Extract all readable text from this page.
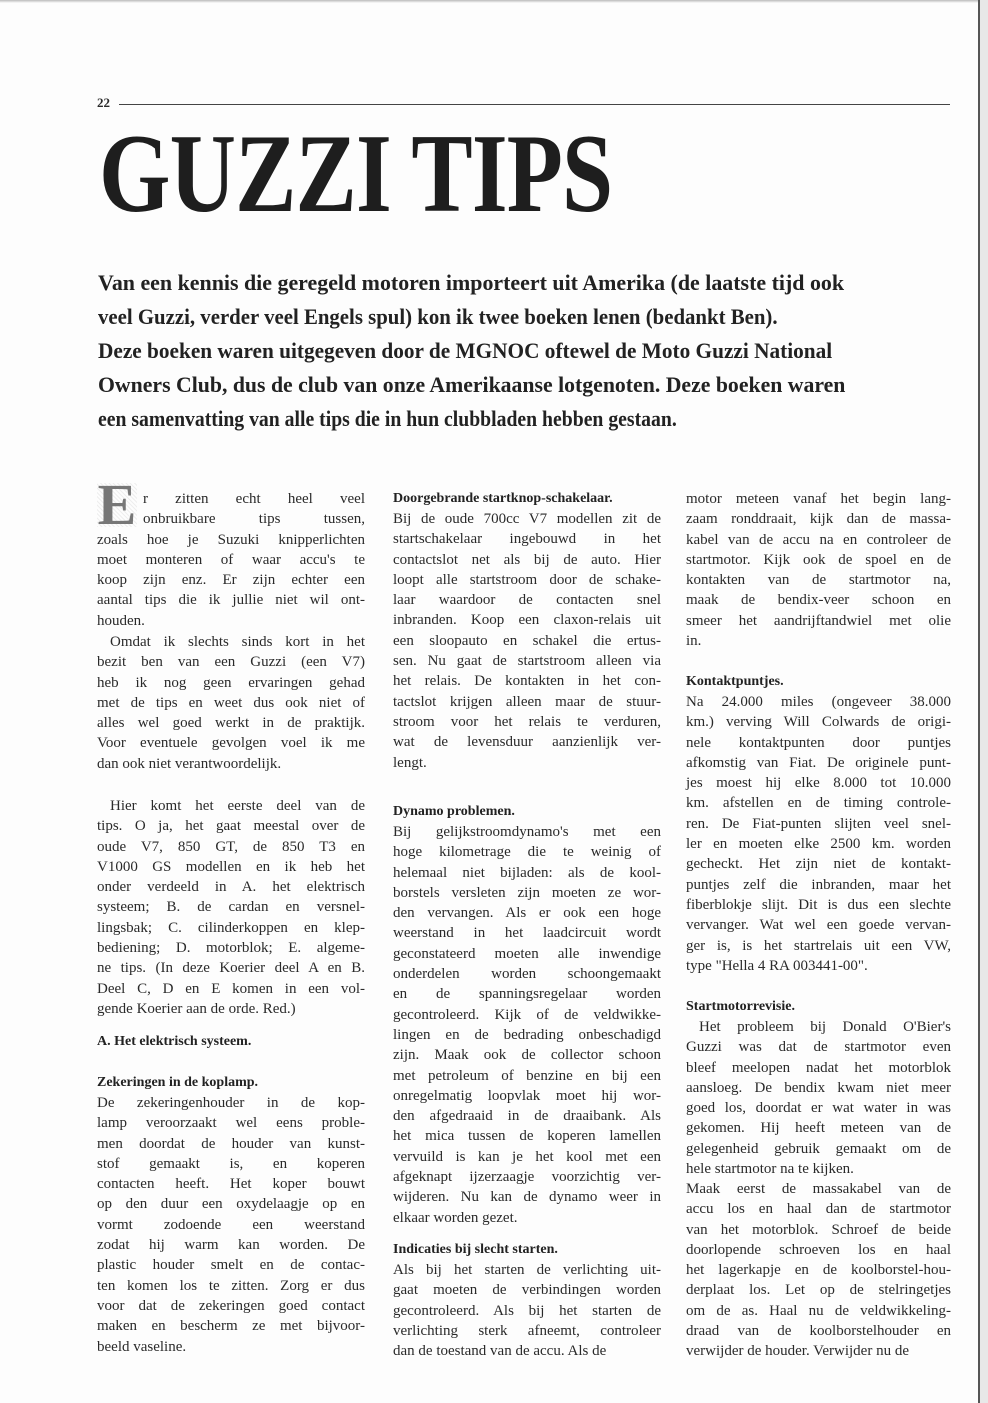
22
GUZZI TIPS
Van een kennis die geregeld motoren importeert uit Amerika (de laatste tijd ook
veel Guzzi, verder veel Engels spul) kon ik twee boeken lenen (bedankt Ben).
Deze boeken waren uitgegeven door de MGNOC oftewel de Moto Guzzi National
Owners Club, dus de club van onze Amerikaanse lotgenoten. Deze boeken waren
een samenvatting van alle tips die in hun clubbladen hebben gestaan.
E r zitten echt heel veel
onbruikbare tips tussen,
zoals hoe je Suzuki knipperlichten
moet monteren of waar accu's te
koop zijn enz. Er zijn echter een
aantal tips die ik jullie niet wil ont-
houden.
Omdat ik slechts sinds kort in het
bezit ben van een Guzzi (een V7)
heb ik nog geen ervaringen gehad
met de tips en weet dus ook niet of
alles wel goed werkt in de praktijk.
Voor eventuele gevolgen voel ik me
dan ook niet verantwoordelijk.
Hier komt het eerste deel van de
tips. O ja, het gaat meestal over de
oude V7, 850 GT, de 850 T3 en
V1000 GS modellen en ik heb het
onder verdeeld in A. het elektrisch
systeem; B. de cardan en versnel-
lingsbak; C. cilinderkoppen en klep-
bediening; D. motorblok; E. algeme-
ne tips. (In deze Koerier deel A en B.
Deel C, D en E komen in een vol-
gende Koerier aan de orde. Red.)
A. Het elektrisch systeem.
Zekeringen in de koplamp.
De zekeringenhouder in de kop-
lamp veroorzaakt wel eens proble-
men doordat de houder van kunst-
stof gemaakt is, en koperen
contacten heeft. Het koper bouwt
op den duur een oxydelaagje op en
vormt zodoende een weerstand
zodat hij warm kan worden. De
plastic houder smelt en de contac-
ten komen los te zitten. Zorg er dus
voor dat de zekeringen goed contact
maken en bescherm ze met bijvoor-
beeld vaseline.
Doorgebrande startknop-schakelaar.
Bij de oude 700cc V7 modellen zit de
startschakelaar ingebouwd in het
contactslot net als bij de auto. Hier
loopt alle startstroom door de schake-
laar waardoor de contacten snel
inbranden. Koop een claxon-relais uit
een sloopauto en schakel die ertus-
sen. Nu gaat de startstroom alleen via
het relais. De kontakten in het con-
tactslot krijgen alleen maar de stuur-
stroom voor het relais te verduren,
wat de levensduur aanzienlijk ver-
lengt.
Dynamo problemen.
Bij gelijkstroomdynamo's met een
hoge kilometrage die te weinig of
helemaal niet bijladen: als de kool-
borstels versleten zijn moeten ze wor-
den vervangen. Als er ook een hoge
weerstand in het laadcircuit wordt
geconstateerd moeten alle inwendige
onderdelen worden schoongemaakt
en de spanningsregelaar worden
gecontroleerd. Kijk of de veldwikke-
lingen en de bedrading onbeschadigd
zijn. Maak ook de collector schoon
met petroleum of benzine en bij een
onregelmatig loopvlak moet hij wor-
den afgedraaid in de draaibank. Als
het mica tussen de koperen lamellen
vervuild is kan je het kool met een
afgeknapt ijzerzaagje voorzichtig ver-
wijderen. Nu kan de dynamo weer in
elkaar worden gezet.
Indicaties bij slecht starten.
Als bij het starten de verlichting uit-
gaat moeten de verbindingen worden
gecontroleerd. Als bij het starten de
verlichting sterk afneemt, controleer
dan de toestand van de accu. Als de
motor meteen vanaf het begin lang-
zaam ronddraait, kijk dan de massa-
kabel van de accu na en controleer de
startmotor. Kijk ook de spoel en de
kontakten van de startmotor na,
maak de bendix-veer schoon en
smeer het aandrijftandwiel met olie
in.
Kontaktpuntjes.
Na 24.000 miles (ongeveer 38.000
km.) verving Will Colwards de origi-
nele kontaktpunten door puntjes
afkomstig van Fiat. De originele punt-
jes moest hij elke 8.000 tot 10.000
km. afstellen en de timing controle-
ren. De Fiat-punten slijten veel snel-
ler en moeten elke 2500 km. worden
gecheckt. Het zijn niet de kontakt-
puntjes zelf die inbranden, maar het
fiberblokje slijt. Dit is dus een slechte
vervanger. Wat wel een goede vervan-
ger is, is het startrelais uit een VW,
type "Hella 4 RA 003441-00".
Startmotorrevisie.
Het probleem bij Donald O'Bier's
Guzzi was dat de startmotor even
bleef meelopen nadat het motorblok
aansloeg. De bendix kwam niet meer
goed los, doordat er wat water in was
gekomen. Hij heeft meteen van de
gelegenheid gebruik gemaakt om de
hele startmotor na te kijken.
Maak eerst de massakabel van de
accu los en haal dan de startmotor
van het motorblok. Schroef de beide
doorlopende schroeven los en haal
het lagerkapje en de koolborstel-hou-
derplaat los. Let op de stelringetjes
om de as. Haal nu de veldwikkeling-
draad van de koolborstelhouder en
verwijder de houder. Verwijder nu de
